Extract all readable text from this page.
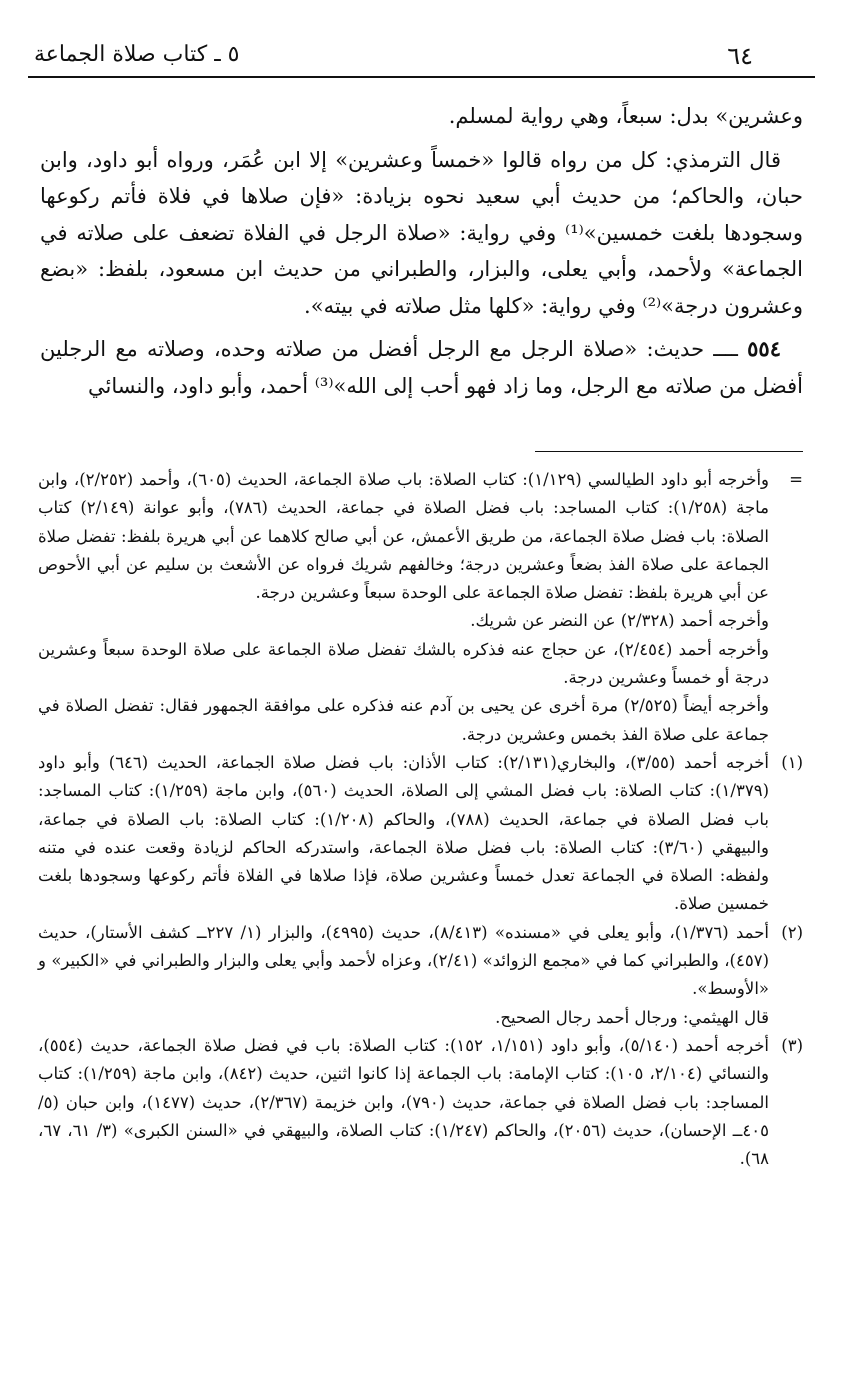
٦٤
٥ ـ كتاب صلاة الجماعة

وعشرين» بدل: سبعاً، وهي رواية لمسلم.

قال الترمذي: كل من رواه قالوا «خمساً وعشرين» إلا ابن عُمَر، ورواه أبو داود، وابن حبان، والحاكم؛ من حديث أبي سعيد نحوه بزيادة: «فإن صلاها في فلاة فأتم ركوعها وسجودها بلغت خمسين»⁽¹⁾ وفي رواية: «صلاة الرجل في الفلاة تضعف على صلاته في الجماعة» ولأحمد، وأبي يعلى، والبزار، والطبراني من حديث ابن مسعود، بلفظ: «بضع وعشرون درجة»⁽²⁾ وفي رواية: «كلها مثل صلاته في بيته».

٥٥٤ ــــ حديث: «صلاة الرجل مع الرجل أفضل من صلاته وحده، وصلاته مع الرجلين أفضل من صلاته مع الرجل، وما زاد فهو أحب إلى الله»⁽³⁾ أحمد، وأبو داود، والنسائي

=
وأخرجه أبو داود الطيالسي (١/١٢٩): كتاب الصلاة: باب صلاة الجماعة، الحديث (٦٠٥)، وأحمد (٢/٢٥٢)، وابن ماجة (١/٢٥٨): كتاب المساجد: باب فضل الصلاة في جماعة، الحديث (٧٨٦)، وأبو عوانة (٢/١٤٩) كتاب الصلاة: باب فضل صلاة الجماعة، من طريق الأعمش، عن أبي صالح كلاهما عن أبي هريرة بلفظ: تفضل صلاة الجماعة على صلاة الفذ بضعاً وعشرين درجة؛ وخالفهم شريك فرواه عن الأشعث بن سليم عن أبي الأحوص عن أبي هريرة بلفظ: تفضل صلاة الجماعة على الوحدة سبعاً وعشرين درجة.
وأخرجه أحمد (٢/٣٢٨) عن النضر عن شريك.
وأخرجه أحمد (٢/٤٥٤)، عن حجاج عنه فذكره بالشك تفضل صلاة الجماعة على صلاة الوحدة سبعاً وعشرين درجة أو خمساً وعشرين درجة.
وأخرجه أيضاً (٢/٥٢٥) مرة أخرى عن يحيى بن آدم عنه فذكره على موافقة الجمهور فقال: تفضل الصلاة في جماعة على صلاة الفذ بخمس وعشرين درجة.
(١)
أخرجه أحمد (٣/٥٥)، والبخاري(٢/١٣١): كتاب الأذان: باب فضل صلاة الجماعة، الحديث (٦٤٦) وأبو داود (١/٣٧٩): كتاب الصلاة: باب فضل المشي إلى الصلاة، الحديث (٥٦٠)، وابن ماجة (١/٢٥٩): كتاب المساجد: باب فضل الصلاة في جماعة، الحديث (٧٨٨)، والحاكم (١/٢٠٨): كتاب الصلاة: باب الصلاة في جماعة، والبيهقي (٣/٦٠): كتاب الصلاة: باب فضل صلاة الجماعة، واستدركه الحاكم لزيادة وقعت عنده في متنه ولفظه: الصلاة في الجماعة تعدل خمساً وعشرين صلاة، فإذا صلاها في الفلاة فأتم ركوعها وسجودها بلغت خمسين صلاة.
(٢)
أحمد (١/٣٧٦)، وأبو يعلى في «مسنده» (٨/٤١٣)، حديث (٤٩٩٥)، والبزار (١/ ٢٢٧ــ كشف الأستار)، حديث (٤٥٧)، والطبراني كما في «مجمع الزوائد» (٢/٤١)، وعزاه لأحمد وأبي يعلى والبزار والطبراني في «الكبير» و «الأوسط».
قال الهيثمي: ورجال أحمد رجال الصحيح.
(٣)
أخرجه أحمد (٥/١٤٠)، وأبو داود (١/١٥١، ١٥٢): كتاب الصلاة: باب في فضل صلاة الجماعة، حديث (٥٥٤)، والنسائي (٢/١٠٤، ١٠٥): كتاب الإمامة: باب الجماعة إذا كانوا اثنين، حديث (٨٤٢)، وابن ماجة (١/٢٥٩): كتاب المساجد: باب فضل الصلاة في جماعة، حديث (٧٩٠)، وابن خزيمة (٢/٣٦٧)، حديث (١٤٧٧)، وابن حبان (٥/ ٤٠٥ــ الإحسان)، حديث (٢٠٥٦)، والحاكم (١/٢٤٧): كتاب الصلاة، والبيهقي في «السنن الكبرى» (٣/ ٦١، ٦٧، ٦٨).
